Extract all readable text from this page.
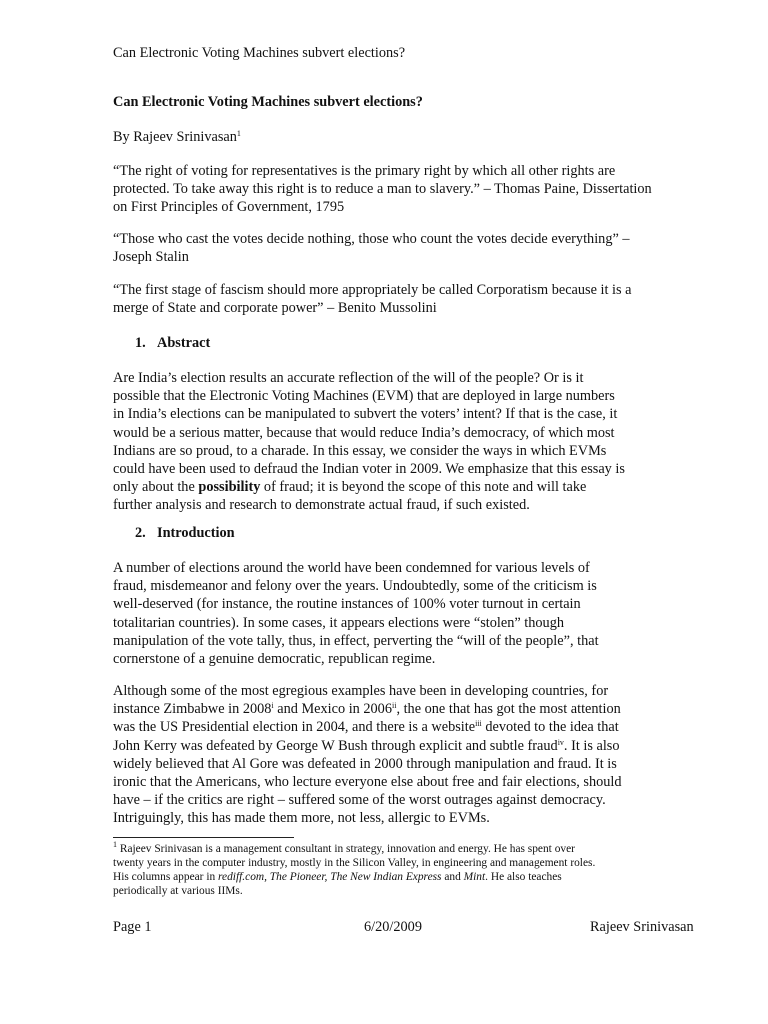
Can Electronic Voting Machines subvert elections?
Can Electronic Voting Machines subvert elections?
By Rajeev Srinivasan$^1$
“The right of voting for representatives is the primary right by which all other rights are protected. To take away this right is to reduce a man to slavery.” – Thomas Paine, Dissertation on First Principles of Government, 1795
“Those who cast the votes decide nothing, those who count the votes decide everything” – Joseph Stalin
“The first stage of fascism should more appropriately be called Corporatism because it is a merge of State and corporate power” – Benito Mussolini
1. Abstract
Are India’s election results an accurate reflection of the will of the people? Or is it
possible that the Electronic Voting Machines (EVM) that are deployed in large numbers
in India’s elections can be manipulated to subvert the voters’ intent? If that is the case, it
would be a serious matter, because that would reduce India’s democracy, of which most
Indians are so proud, to a charade. In this essay, we consider the ways in which EVMs
could have been used to defraud the Indian voter in 2009. We emphasize that this essay is
only about the possibility of fraud; it is beyond the scope of this note and will take
further analysis and research to demonstrate actual fraud, if such existed.
2. Introduction
A number of elections around the world have been condemned for various levels of
fraud, misdemeanor and felony over the years. Undoubtedly, some of the criticism is
well-deserved (for instance, the routine instances of 100% voter turnout in certain
totalitarian countries). In some cases, it appears elections were “stolen” though
manipulation of the vote tally, thus, in effect, perverting the “will of the people”, that
cornerstone of a genuine democratic, republican regime.
Although some of the most egregious examples have been in developing countries, for
instance Zimbabwe in 2008$^i$ and Mexico in 2006$^{ii}$, the one that has got the most attention
was the US Presidential election in 2004, and there is a website$^{iii}$ devoted to the idea that
John Kerry was defeated by George W Bush through explicit and subtle fraud$^{iv}$. It is also
widely believed that Al Gore was defeated in 2000 through manipulation and fraud. It is
ironic that the Americans, who lecture everyone else about free and fair elections, should
have – if the critics are right – suffered some of the worst outrages against democracy.
Intriguingly, this has made them more, not less, allergic to EVMs.
$^1$ Rajeev Srinivasan is a management consultant in strategy, innovation and energy. He has spent over
twenty years in the computer industry, mostly in the Silicon Valley, in engineering and management roles.
His columns appear in rediff.com, The Pioneer, The New Indian Express and Mint. He also teaches
periodically at various IIMs.
Page 1	6/20/2009	Rajeev Srinivasan
